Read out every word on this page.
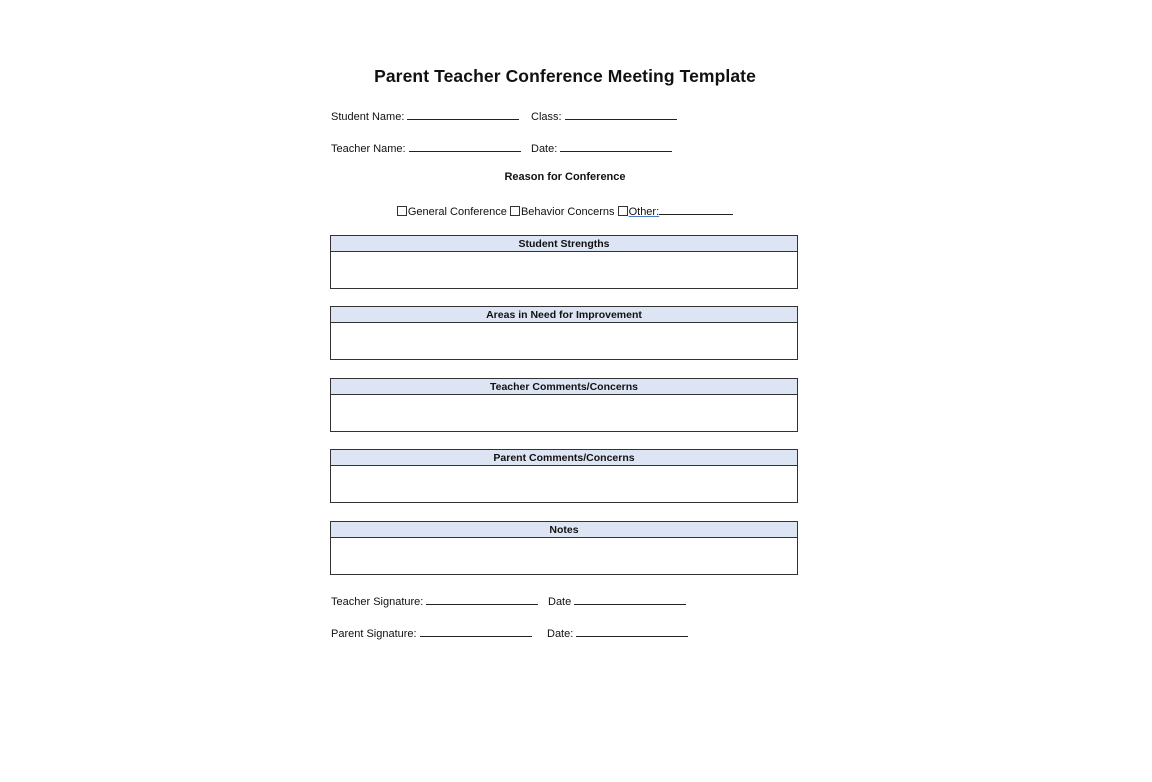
Parent Teacher Conference Meeting Template
Student Name:	Class:
Teacher Name:	Date:
Reason for Conference
General Conference Behavior Concerns Other:
Student Strengths
Areas in Need for Improvement
Teacher Comments/Concerns
Parent Comments/Concerns
Notes
Teacher Signature:	Date
Parent Signature:	Date:
